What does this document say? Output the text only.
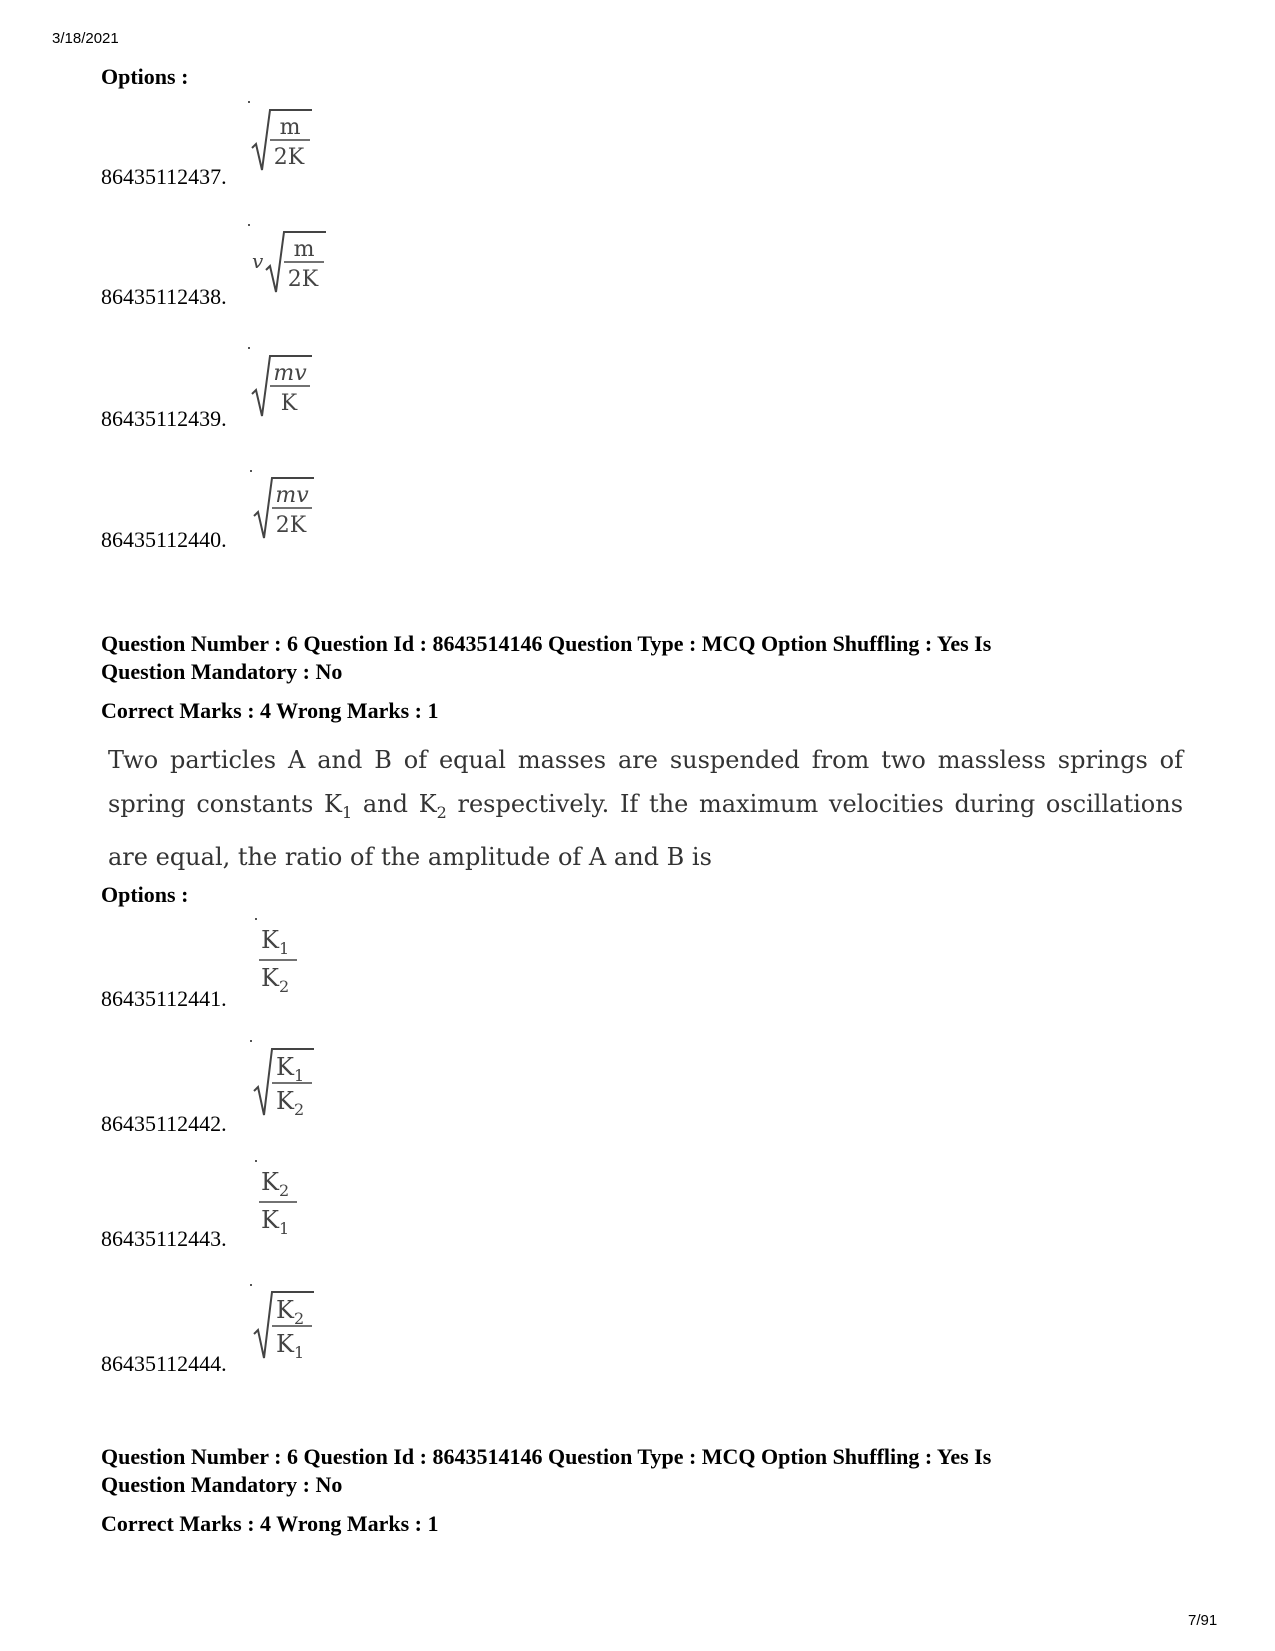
3/18/2021
Options :
86435112437.
m
2K
86435112438.
v m
2K
86435112439.
mv
K
86435112440.
mv
2K
Question Number : 6 Question Id : 8643514146 Question Type : MCQ Option Shuffling : Yes Is
Question Mandatory : No
Correct Marks : 4 Wrong Marks : 1
Two particles A and B of equal masses are suspended from two massless springs of spring constants $K_1$ and $K_2$ respectively. If the maximum velocities during oscillations are equal, the ratio of the amplitude of A and B is
Options :
86435112441.
$K_1$
$K_2$
86435112442.
$K_1$
$K_2$
86435112443.
$K_2$
$K_1$
86435112444.
$K_2$
$K_1$
Question Number : 6 Question Id : 8643514146 Question Type : MCQ Option Shuffling : Yes Is
Question Mandatory : No
Correct Marks : 4 Wrong Marks : 1
7/91
